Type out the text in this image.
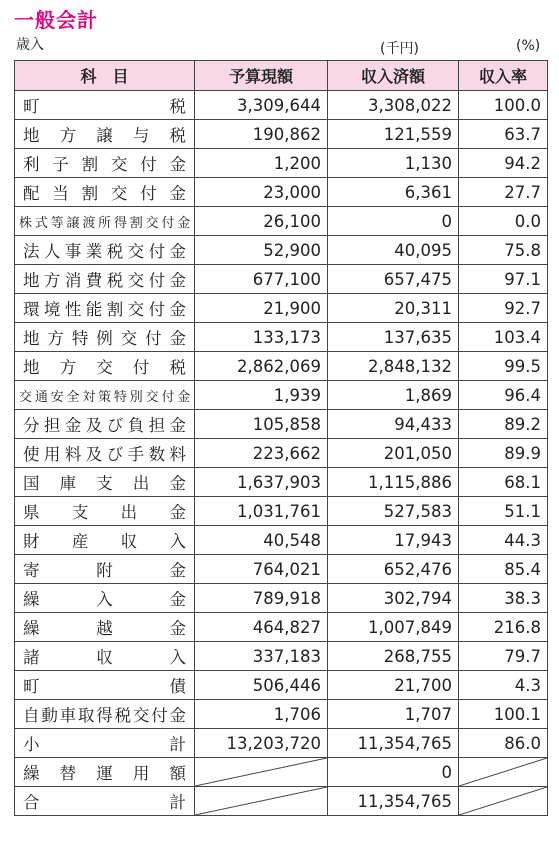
一般会計
歳入	(千円)	(%)
科　目	予算現額	収入済額	収入率
町税	3,309,644	3,308,022	100.0
地方譲与税	190,862	121,559	63.7
利子割交付金	1,200	1,130	94.2
配当割交付金	23,000	6,361	27.7
株式等譲渡所得割交付金	26,100	0	0.0
法人事業税交付金	52,900	40,095	75.8
地方消費税交付金	677,100	657,475	97.1
環境性能割交付金	21,900	20,311	92.7
地方特例交付金	133,173	137,635	103.4
地方交付税	2,862,069	2,848,132	99.5
交通安全対策特別交付金	1,939	1,869	96.4
分担金及び負担金	105,858	94,433	89.2
使用料及び手数料	223,662	201,050	89.9
国庫支出金	1,637,903	1,115,886	68.1
県支出金	1,031,761	527,583	51.1
財産収入	40,548	17,943	44.3
寄附金	764,021	652,476	85.4
繰入金	789,918	302,794	38.3
繰越金	464,827	1,007,849	216.8
諸収入	337,183	268,755	79.7
町債	506,446	21,700	4.3
自動車取得税交付金	1,706	1,707	100.1
小計	13,203,720	11,354,765	86.0
繰替運用額		0	

合計		11,354,765	
